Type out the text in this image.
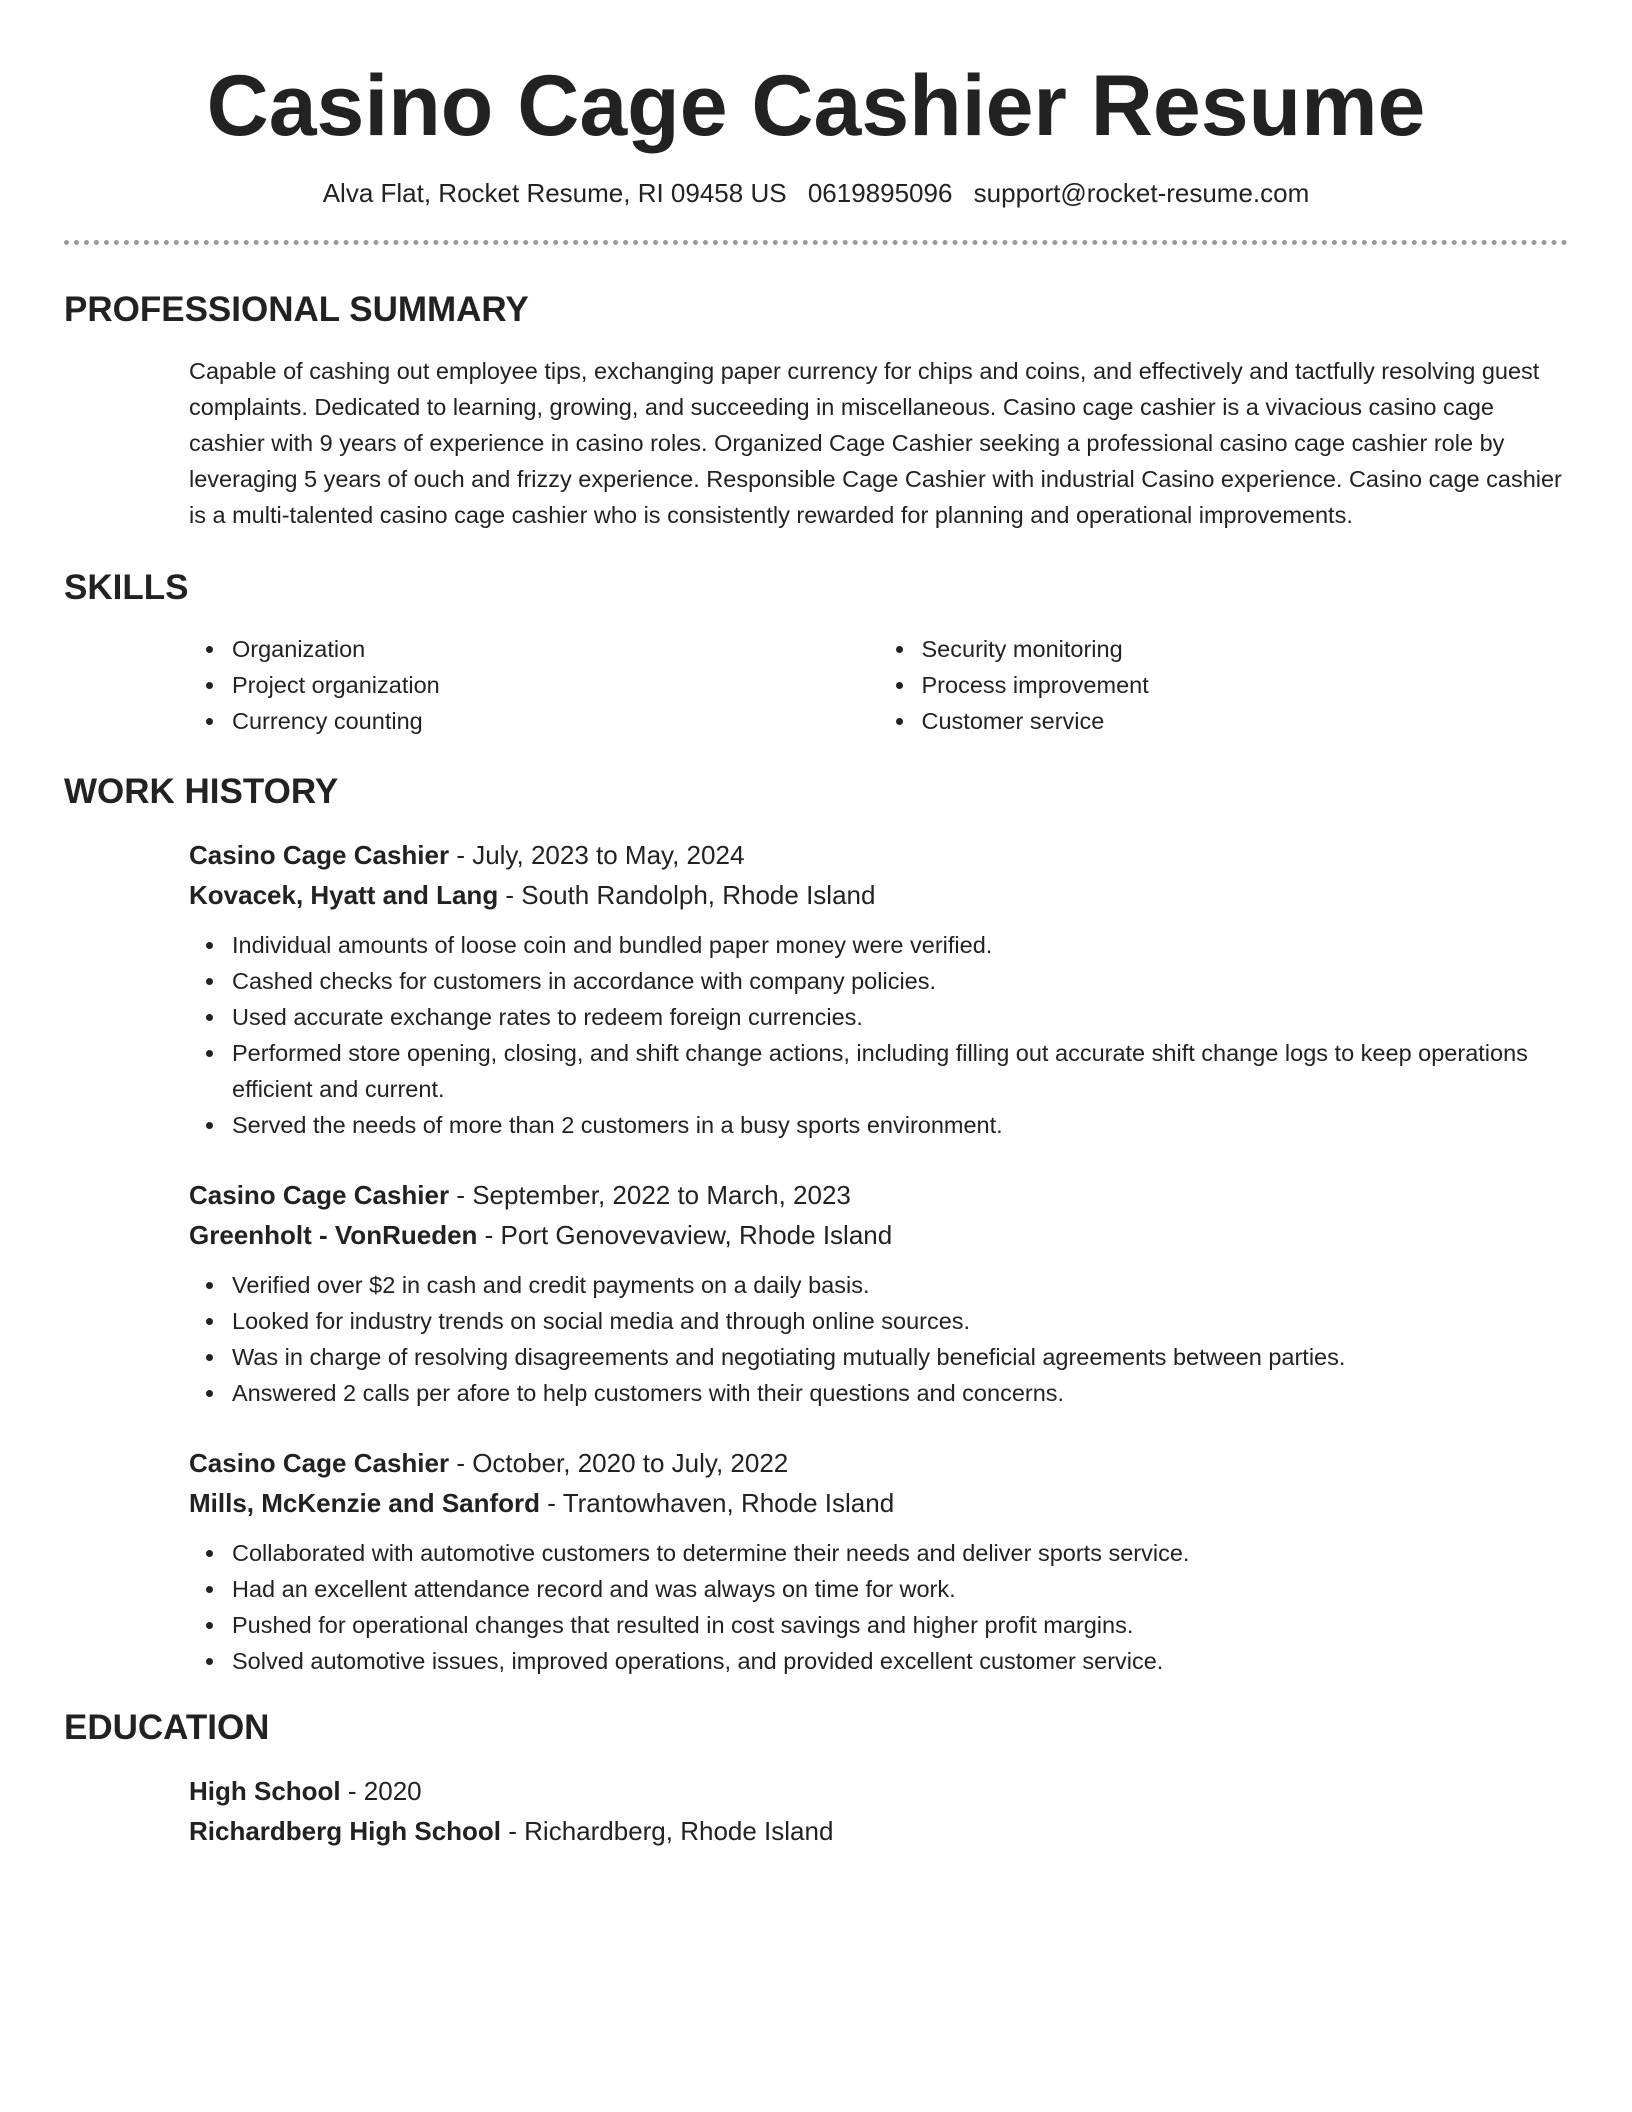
Casino Cage Cashier Resume
Alva Flat, Rocket Resume, RI 09458 US 0619895096 support@rocket-resume.com
PROFESSIONAL SUMMARY
Capable of cashing out employee tips, exchanging paper currency for chips and coins, and effectively and tactfully resolving guest complaints. Dedicated to learning, growing, and succeeding in miscellaneous. Casino cage cashier is a vivacious casino cage cashier with 9 years of experience in casino roles. Organized Cage Cashier seeking a professional casino cage cashier role by leveraging 5 years of ouch and frizzy experience. Responsible Cage Cashier with industrial Casino experience. Casino cage cashier is a multi-talented casino cage cashier who is consistently rewarded for planning and operational improvements.
SKILLS
Organization
Project organization
Currency counting
Security monitoring
Process improvement
Customer service
WORK HISTORY
Casino Cage Cashier - July, 2023 to May, 2024
Kovacek, Hyatt and Lang - South Randolph, Rhode Island
Individual amounts of loose coin and bundled paper money were verified.
Cashed checks for customers in accordance with company policies.
Used accurate exchange rates to redeem foreign currencies.
Performed store opening, closing, and shift change actions, including filling out accurate shift change logs to keep operations efficient and current.
Served the needs of more than 2 customers in a busy sports environment.
Casino Cage Cashier - September, 2022 to March, 2023
Greenholt - VonRueden - Port Genovevaview, Rhode Island
Verified over $2 in cash and credit payments on a daily basis.
Looked for industry trends on social media and through online sources.
Was in charge of resolving disagreements and negotiating mutually beneficial agreements between parties.
Answered 2 calls per afore to help customers with their questions and concerns.
Casino Cage Cashier - October, 2020 to July, 2022
Mills, McKenzie and Sanford - Trantowhaven, Rhode Island
Collaborated with automotive customers to determine their needs and deliver sports service.
Had an excellent attendance record and was always on time for work.
Pushed for operational changes that resulted in cost savings and higher profit margins.
Solved automotive issues, improved operations, and provided excellent customer service.
EDUCATION
High School - 2020
Richardberg High School - Richardberg, Rhode Island
